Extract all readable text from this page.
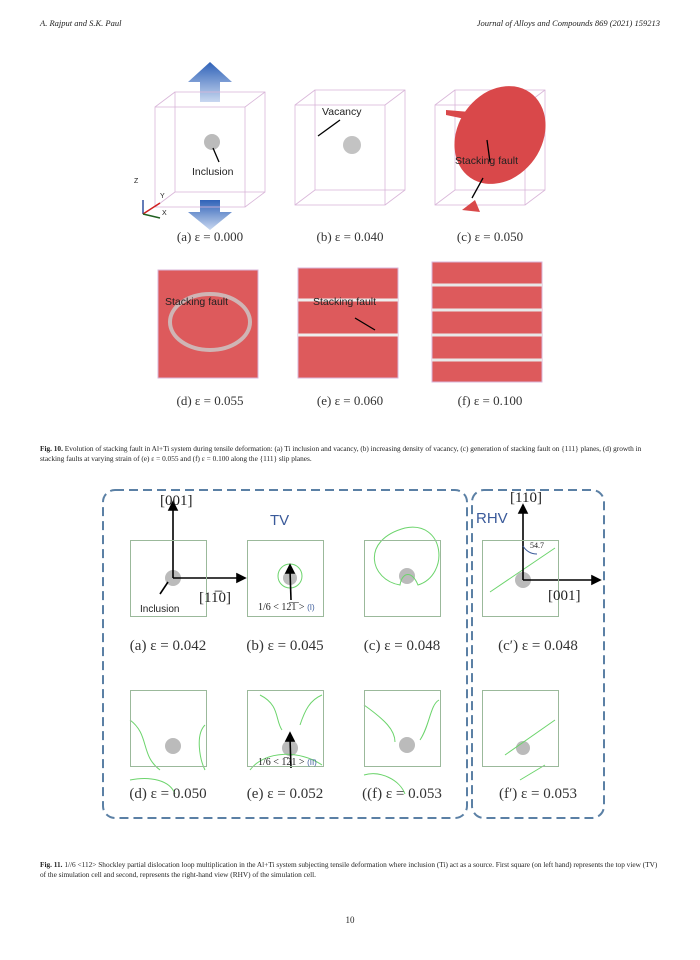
A. Rajput and S.K. Paul	Journal of Alloys and Compounds 869 (2021) 159213
Inclusion
Vacancy
Stacking fault
Stacking fault	Stacking fault
Z
Y
X
(a) ε = 0.000	(b) ε = 0.040	(c) ε = 0.050
(d) ε = 0.055	(e) ε = 0.060	(f) ε = 0.100
Fig. 10. Evolution of stacking fault in Al+Ti system during tensile deformation: (a) Ti inclusion and vacancy, (b) increasing density of vacancy, (c) generation of stacking fault on {111} planes, (d) growth in stacking faults at varying strain of (e) ε = 0.055 and (f) ε = 0.100 along the {111} slip planes.
[001]
[11̅0]
[110]
[001]
TV	RHV
Inclusion
54.7
1/6 < 12̅1̅ > (I)
1/6 < 1̅21 > (II)
(a) ε = 0.042	(b) ε = 0.045	(c) ε = 0.048	(c′) ε = 0.048
(d) ε = 0.050	(e) ε = 0.052	((f) ε = 0.053	(f′) ε = 0.053
Fig. 11. 1//6 <112> Shockley partial dislocation loop multiplication in the Al+Ti system subjecting tensile deformation where inclusion (Ti) act as a source. First square (on left hand) represents the top view (TV) of the simulation cell and second, represents the right-hand view (RHV) of the simulation cell.
10
